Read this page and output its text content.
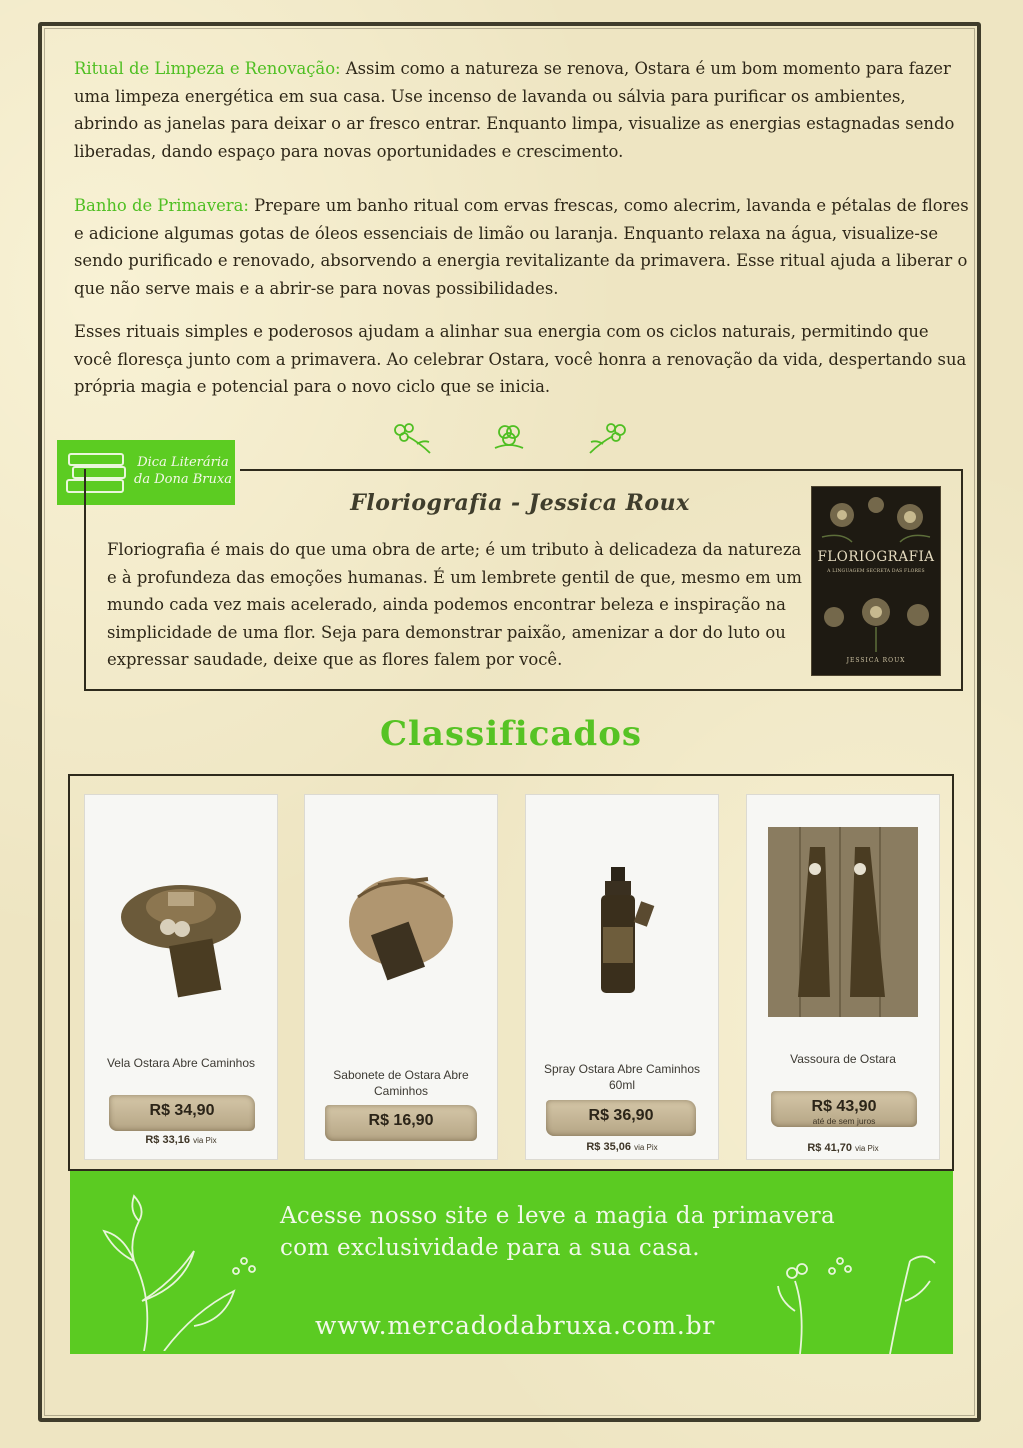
Ritual de Limpeza e Renovação: Assim como a natureza se renova, Ostara é um bom momento para fazer uma limpeza energética em sua casa. Use incenso de lavanda ou sálvia para purificar os ambientes, abrindo as janelas para deixar o ar fresco entrar. Enquanto limpa, visualize as energias estagnadas sendo liberadas, dando espaço para novas oportunidades e crescimento.

Banho de Primavera: Prepare um banho ritual com ervas frescas, como alecrim, lavanda e pétalas de flores e adicione algumas gotas de óleos essenciais de limão ou laranja. Enquanto relaxa na água, visualize-se sendo purificado e renovado, absorvendo a energia revitalizante da primavera. Esse ritual ajuda a liberar o que não serve mais e a abrir-se para novas possibilidades.

Esses rituais simples e poderosos ajudam a alinhar sua energia com os ciclos naturais, permitindo que você floresça junto com a primavera. Ao celebrar Ostara, você honra a renovação da vida, despertando sua própria magia e potencial para o novo ciclo que se inicia.

Dica Literária
da Dona Bruxa
Floriografia - Jessica Roux
Floriografia é mais do que uma obra de arte; é um tributo à delicadeza da natureza e à profundeza das emoções humanas. É um lembrete gentil de que, mesmo em um mundo cada vez mais acelerado, ainda podemos encontrar beleza e inspiração na simplicidade de uma flor. Seja para demonstrar paixão, amenizar a dor do luto ou expressar saudade, deixe que as flores falem por você.
FLORIOGRAFIA
A LINGUAGEM SECRETA DAS FLORES
JESSICA ROUX
Classificados
Vela Ostara Abre Caminhos
R$ 34,90
R$ 33,16 via Pix
Sabonete de Ostara Abre Caminhos
R$ 16,90
Spray Ostara Abre Caminhos 60ml
R$ 36,90
R$ 35,06 via Pix
Vassoura de Ostara
R$ 43,90
até de sem juros
R$ 41,70 via Pix
Acesse nosso site e leve a magia da primavera
com exclusividade para a sua casa.
www.mercadodabruxa.com.br
